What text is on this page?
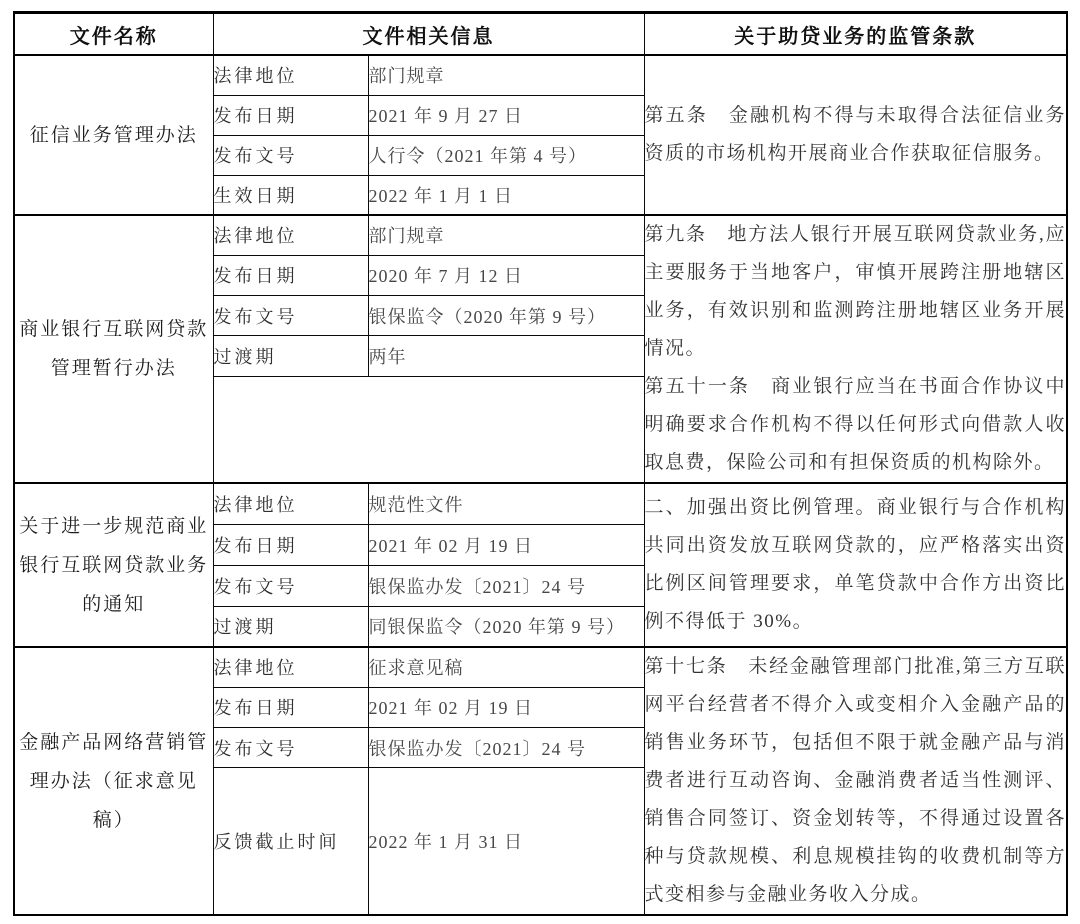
文件名称	文件相关信息		关于助贷业务的监管条款
征信业务管理办法	法律地位	部门规章	第五条　金融机构不得与未取得合法征信业务资质的市场机构开展商业合作获取征信服务。

	发布日期	2021 年 9 月 27 日	
	发布文号	人行令（2021 年第 4 号）	
	生效日期	2022 年 1 月 1 日	
商业银行互联网贷款管理暂行办法	法律地位	部门规章	第九条　地方法人银行开展互联网贷款业务,应主要服务于当地客户，审慎开展跨注册地辖区业务，有效识别和监测跨注册地辖区业务开展情况。

第五十一条　商业银行应当在书面合作协议中明确要求合作机构不得以任何形式向借款人收取息费，保险公司和有担保资质的机构除外。

	发布日期	2020 年 7 月 12 日	
	发布文号	银保监令（2020 年第 9 号）	
	过渡期	两年	

关于进一步规范商业银行互联网贷款业务的通知	法律地位	规范性文件	二、加强出资比例管理。商业银行与合作机构共同出资发放互联网贷款的，应严格落实出资比例区间管理要求，单笔贷款中合作方出资比例不得低于 30%。

	发布日期	2021 年 02 月 19 日	
	发布文号	银保监办发〔2021〕24 号	
	过渡期	同银保监令（2020 年第 9 号）	
金融产品网络营销管理办法（征求意见稿）	法律地位	征求意见稿	第十七条　未经金融管理部门批准,第三方互联网平台经营者不得介入或变相介入金融产品的销售业务环节，包括但不限于就金融产品与消费者进行互动咨询、金融消费者适当性测评、销售合同签订、资金划转等，不得通过设置各种与贷款规模、利息规模挂钩的收费机制等方式变相参与金融业务收入分成。

	发布日期	2021 年 02 月 19 日	
	发布文号	银保监办发〔2021〕24 号	
	反馈截止时间	2022 年 1 月 31 日	
